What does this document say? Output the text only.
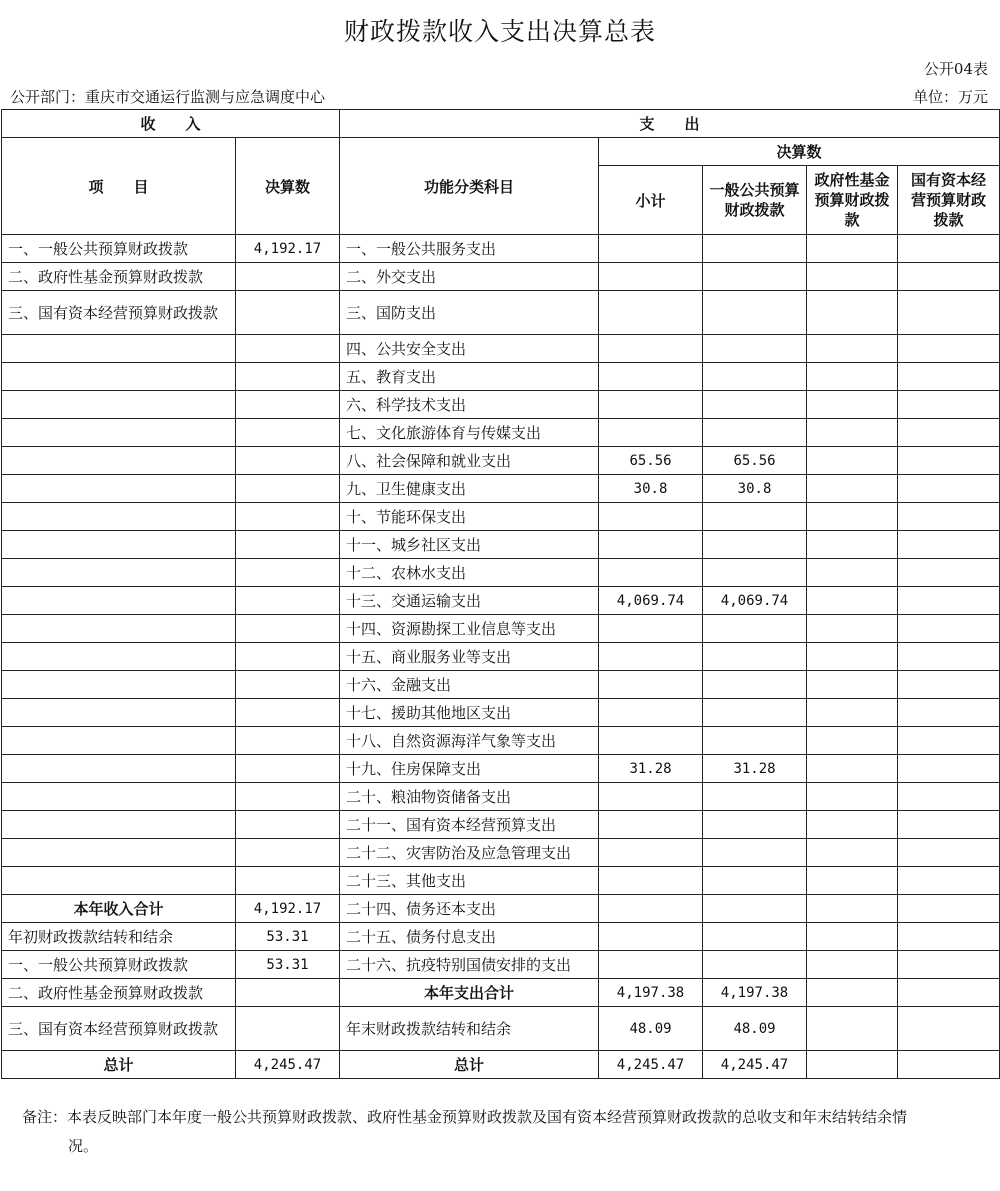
财政拨款收入支出决算总表
公开04表
公开部门：重庆市交通运行监测与应急调度中心	单位：万元
收　　入		支　　出				
项　　目	决算数	功能分类科目	决算数			
			小计	一般公共预算财政拨款	政府性基金预算财政拨款	国有资本经营预算财政拨款
一、一般公共预算财政拨款	4,192.17	一、一般公共服务支出				
二、政府性基金预算财政拨款		二、外交支出				
三、国有资本经营预算财政拨款		三、国防支出				
		四、公共安全支出				
		五、教育支出				
		六、科学技术支出				
		七、文化旅游体育与传媒支出				
		八、社会保障和就业支出	65.56	65.56		
		九、卫生健康支出	30.8	30.8		
		十、节能环保支出				
		十一、城乡社区支出				
		十二、农林水支出				
		十三、交通运输支出	4,069.74	4,069.74		
		十四、资源勘探工业信息等支出				
		十五、商业服务业等支出				
		十六、金融支出				
		十七、援助其他地区支出				
		十八、自然资源海洋气象等支出				
		十九、住房保障支出	31.28	31.28		
		二十、粮油物资储备支出				
		二十一、国有资本经营预算支出				
		二十二、灾害防治及应急管理支出				
		二十三、其他支出				
本年收入合计	4,192.17	二十四、债务还本支出				
年初财政拨款结转和结余	53.31	二十五、债务付息支出				
一、一般公共预算财政拨款	53.31	二十六、抗疫特别国债安排的支出				
二、政府性基金预算财政拨款		本年支出合计	4,197.38	4,197.38		
三、国有资本经营预算财政拨款		年末财政拨款结转和结余	48.09	48.09		
总计	4,245.47	总计	4,245.47	4,245.47		
备注：本表反映部门本年度一般公共预算财政拨款、政府性基金预算财政拨款及国有资本经营预算财政拨款的总收支和年末结转结余情
况。
